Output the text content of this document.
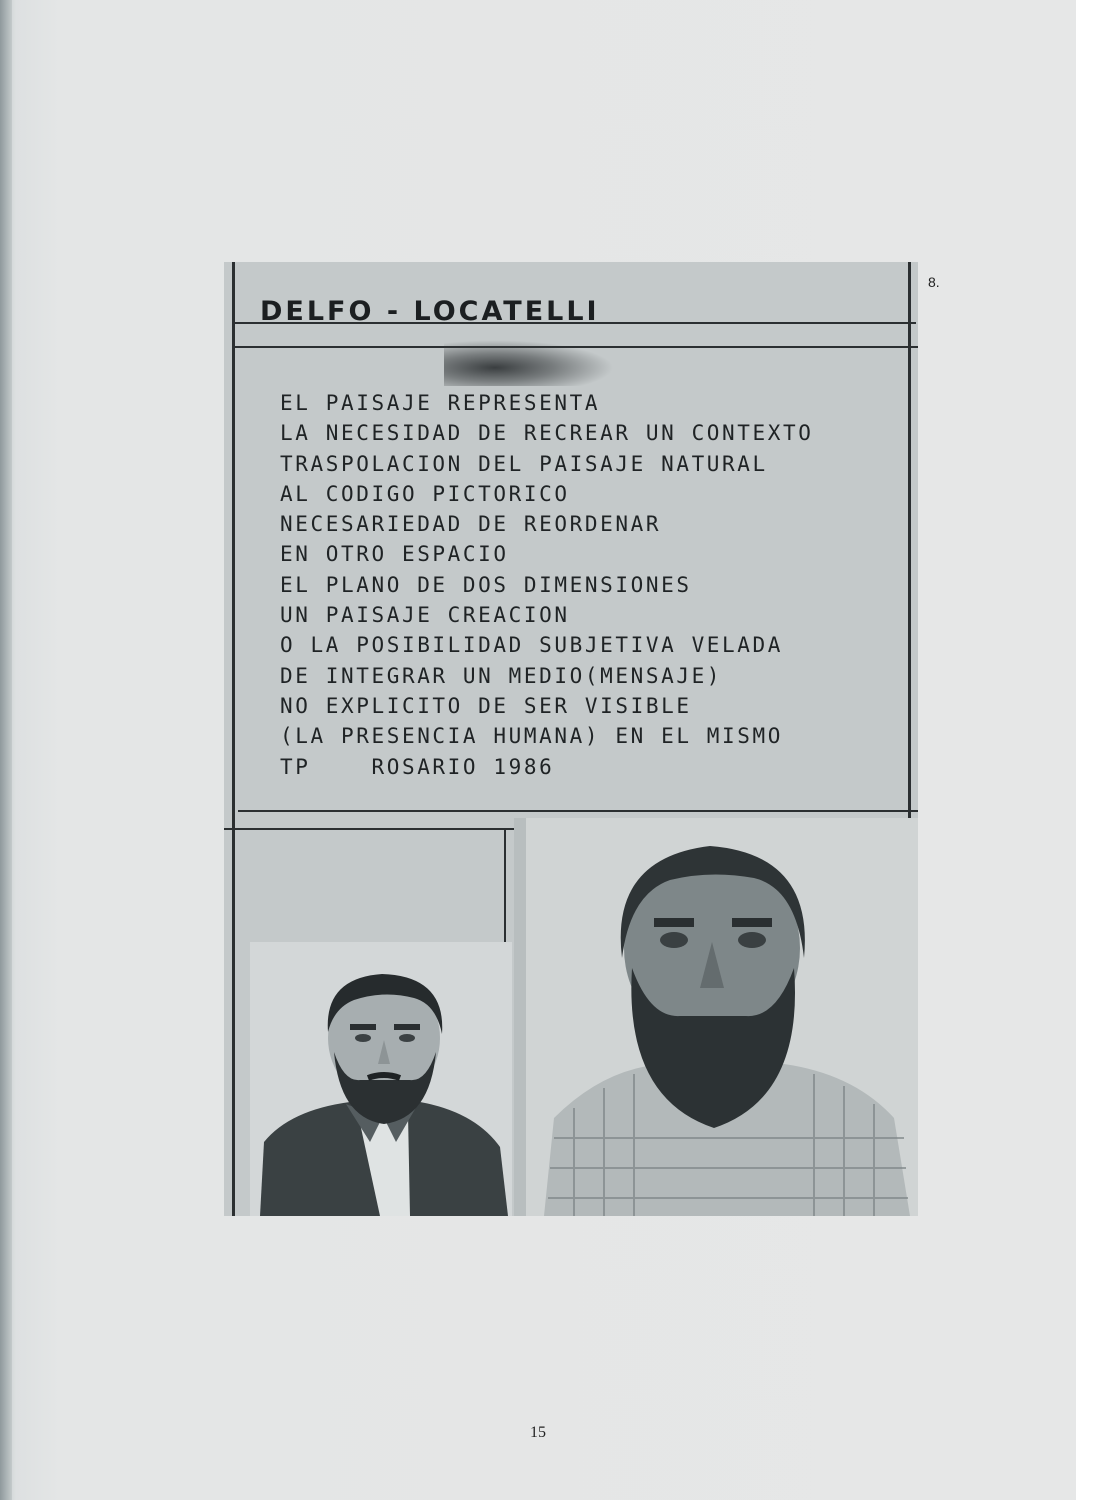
DELFO - LOCATELLI
EL PAISAJE REPRESENTA
LA NECESIDAD DE RECREAR UN CONTEXTO
TRASPOLACION DEL PAISAJE NATURAL
AL CODIGO PICTORICO
NECESARIEDAD DE REORDENAR
EN OTRO ESPACIO
EL PLANO DE DOS DIMENSIONES
UN PAISAJE CREACION
O LA POSIBILIDAD SUBJETIVA VELADA
DE INTEGRAR UN MEDIO(MENSAJE)
NO EXPLICITO DE SER VISIBLE
(LA PRESENCIA HUMANA) EN EL MISMO
TP    ROSARIO 1986
8.
15
